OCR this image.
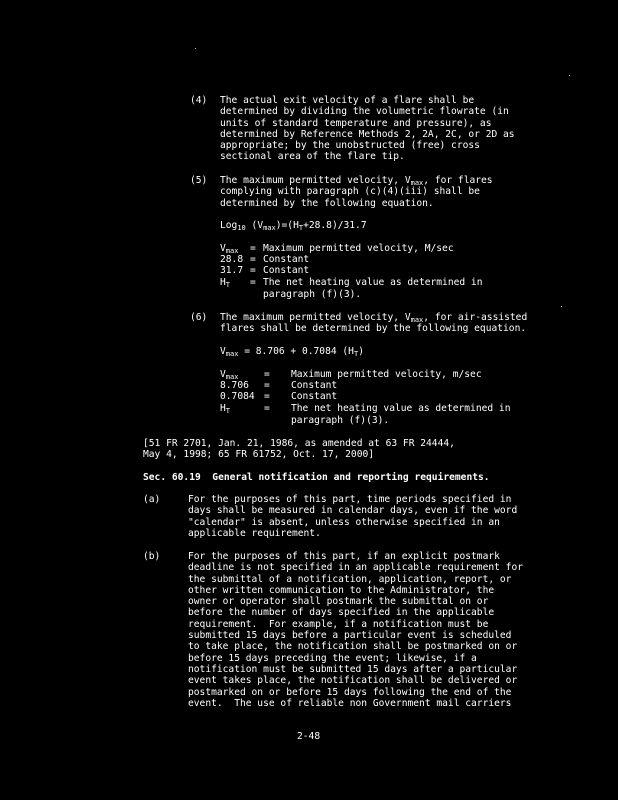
(4) The actual exit velocity of a flare shall be
determined by dividing the volumetric flowrate (in
units of standard temperature and pressure), as
determined by Reference Methods 2, 2A, 2C, or 2D as
appropriate; by the unobstructed (free) cross
sectional area of the flare tip.
(5) The maximum permitted velocity, $V_{max}$, for flares
complying with paragraph (c)(4)(iii) shall be
determined by the following equation.
Log$_{10}$ $(V_{max})=(H_T+28.8)/31.7$
$V_{max}$ = Maximum permitted velocity, M/sec
28.8 = Constant
31.7 = Constant
$H_T$ = The net heating value as determined in
paragraph (f)(3).
(6) The maximum permitted velocity, $V_{max}$, for air-assisted
flares shall be determined by the following equation.
$V_{max} = 8.706 + 0.7084$ $(H_T)$
$V_{max}$	= Maximum permitted velocity, m/sec
8.706 = Constant
0.7084 = Constant
$H_T$	= The net heating value as determined in
paragraph (f)(3).
[51 FR 2701, Jan. 21, 1986, as amended at 63 FR 24444,
May 4, 1998; 65 FR 61752, Oct. 17, 2000]
Sec. 60.19  General notification and reporting requirements.
(a)	For the purposes of this part, time periods specified in
days shall be measured in calendar days, even if the word
"calendar" is absent, unless otherwise specified in an
applicable requirement.
(b)	For the purposes of this part, if an explicit postmark
deadline is not specified in an applicable requirement for
the submittal of a notification, application, report, or
other written communication to the Administrator, the
owner or operator shall postmark the submittal on or
before the number of days specified in the applicable
requirement.  For example, if a notification must be
submitted 15 days before a particular event is scheduled
to take place, the notification shall be postmarked on or
before 15 days preceding the event; likewise, if a
notification must be submitted 15 days after a particular
event takes place, the notification shall be delivered or
postmarked on or before 15 days following the end of the
event.  The use of reliable non Government mail carriers
2-48
